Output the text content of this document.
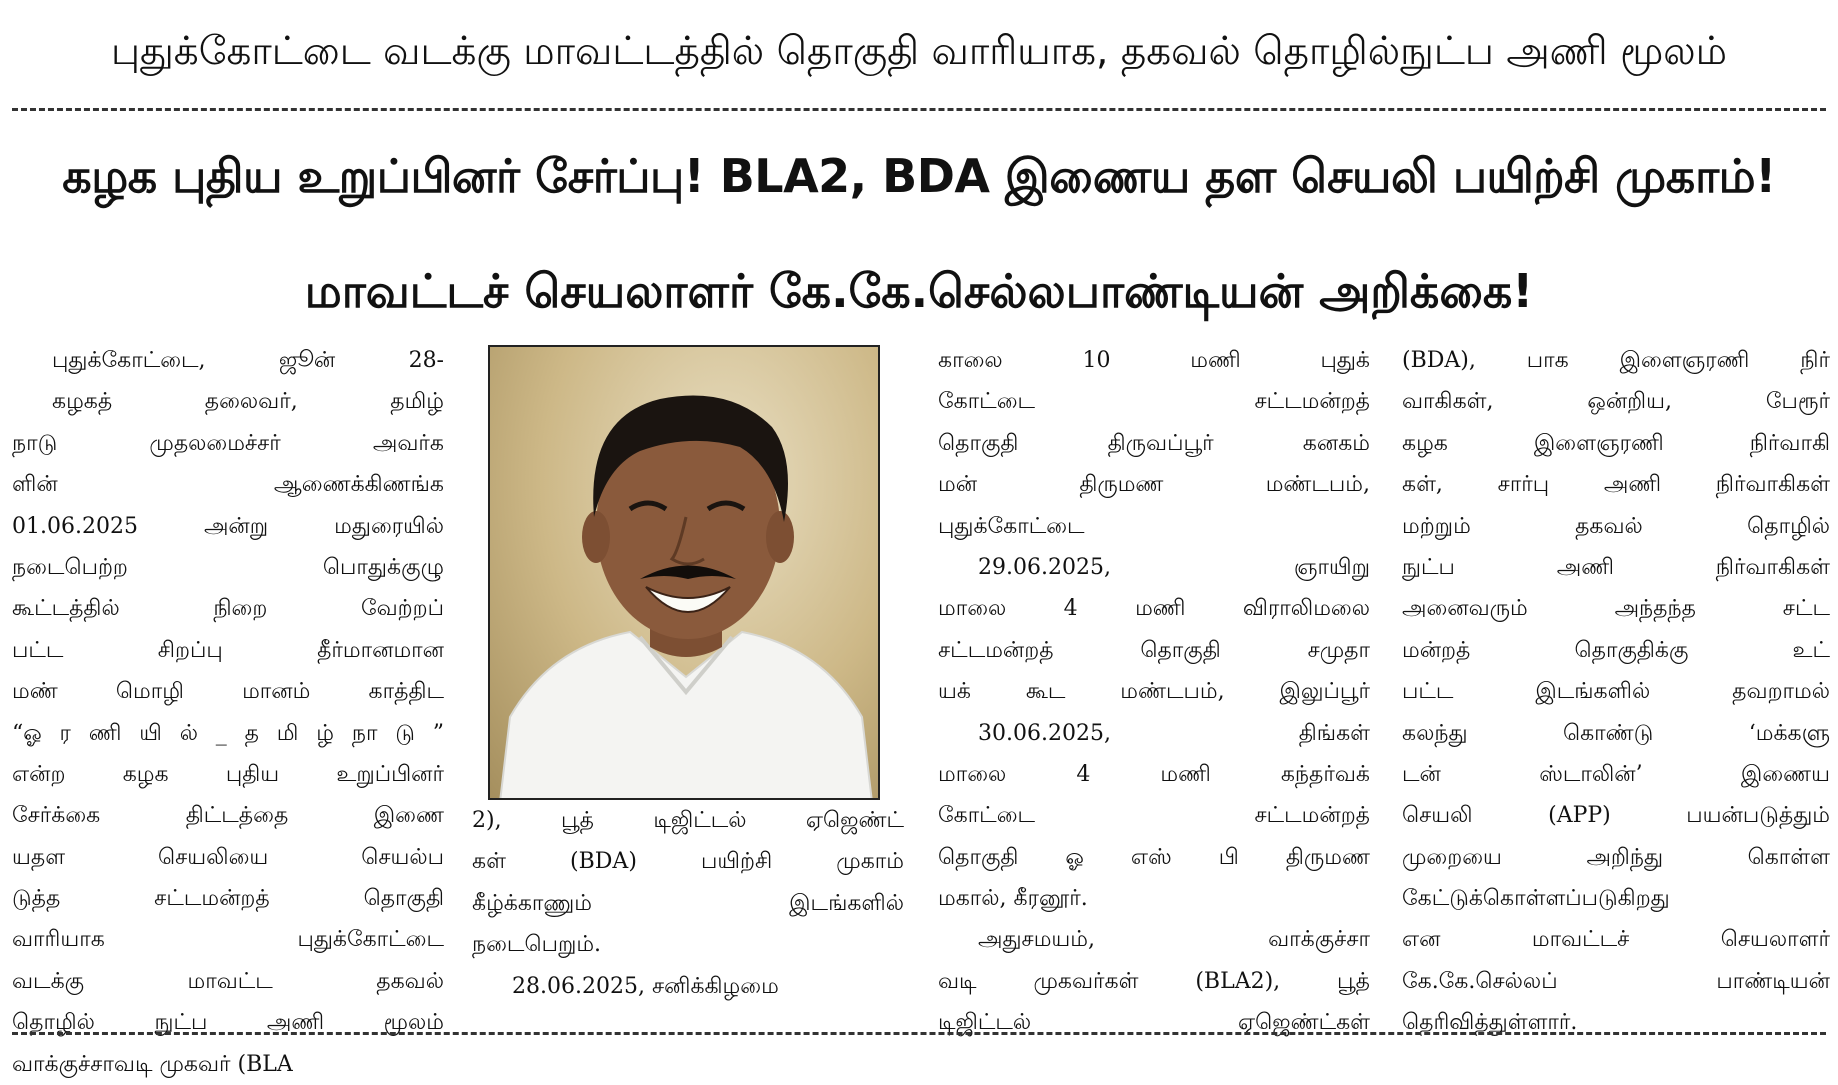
புதுக்கோட்டை வடக்கு மாவட்டத்தில் தொகுதி வாரியாக, தகவல் தொழில்நுட்ப அணி மூலம்
கழக புதிய உறுப்பினர் சேர்ப்பு! BLA2, BDA இணைய தள செயலி பயிற்சி முகாம்!
மாவட்டச் செயலாளர் கே.கே.செல்லபாண்டியன் அறிக்கை!
புதுக்கோட்டை, ஜூன் 28-
கழகத் தலைவர், தமிழ்
நாடு முதலமைச்சர் அவர்க
ளின் ஆணைக்கிணங்க
01.06.2025 அன்று மதுரையில்
நடைபெற்ற பொதுக்குழு
கூட்டத்தில் நிறை வேற்றப்
பட்ட சிறப்பு தீர்மானமான
மண் மொழி மானம் காத்திட
“ஓ ர ணி யி ல் _ த மி ழ் நா டு ”
என்ற கழக புதிய உறுப்பினர்
சேர்க்கை திட்டத்தை இணை
யதள செயலியை செயல்ப
டுத்த சட்டமன்றத் தொகுதி
வாரியாக புதுக்கோட்டை
வடக்கு மாவட்ட தகவல்
தொழில் நுட்ப அணி மூலம்
வாக்குச்சாவடி முகவர் (BLA
2), பூத் டிஜிட்டல் ஏஜெண்ட்
கள் (BDA) பயிற்சி முகாம்
கீழ்க்காணும் இடங்களில்
நடைபெறும்.
28.06.2025, சனிக்கிழமை
காலை 10 மணி புதுக்
கோட்டை சட்டமன்றத்
தொகுதி திருவப்பூர் கனகம்
மன் திருமண மண்டபம்,
புதுக்கோட்டை
29.06.2025, ஞாயிறு
மாலை 4 மணி விராலிமலை
சட்டமன்றத் தொகுதி சமுதா
யக் கூட மண்டபம், இலுப்பூர்
30.06.2025, திங்கள்
மாலை 4 மணி கந்தர்வக்
கோட்டை சட்டமன்றத்
தொகுதி ஓ எஸ் பி திருமண
மகால், கீரனூர்.
அதுசமயம், வாக்குச்சா
வடி முகவர்கள் (BLA2), பூத்
டிஜிட்டல் ஏஜெண்ட்கள்
(BDA), பாக இளைஞரணி நிர்
வாகிகள், ஒன்றிய, பேரூர்
கழக இளைஞரணி நிர்வாகி
கள், சார்பு அணி நிர்வாகிகள்
மற்றும் தகவல் தொழில்
நுட்ப அணி நிர்வாகிகள்
அனைவரும் அந்தந்த சட்ட
மன்றத் தொகுதிக்கு உட்
பட்ட இடங்களில் தவறாமல்
கலந்து கொண்டு ‘மக்களு
டன் ஸ்டாலின்’ இணைய
செயலி (APP) பயன்படுத்தும்
முறையை அறிந்து கொள்ள
கேட்டுக்கொள்ளப்படுகிறது
என மாவட்டச் செயலாளர்
கே.கே.செல்லப் பாண்டியன்
தெரிவித்துள்ளார்.
